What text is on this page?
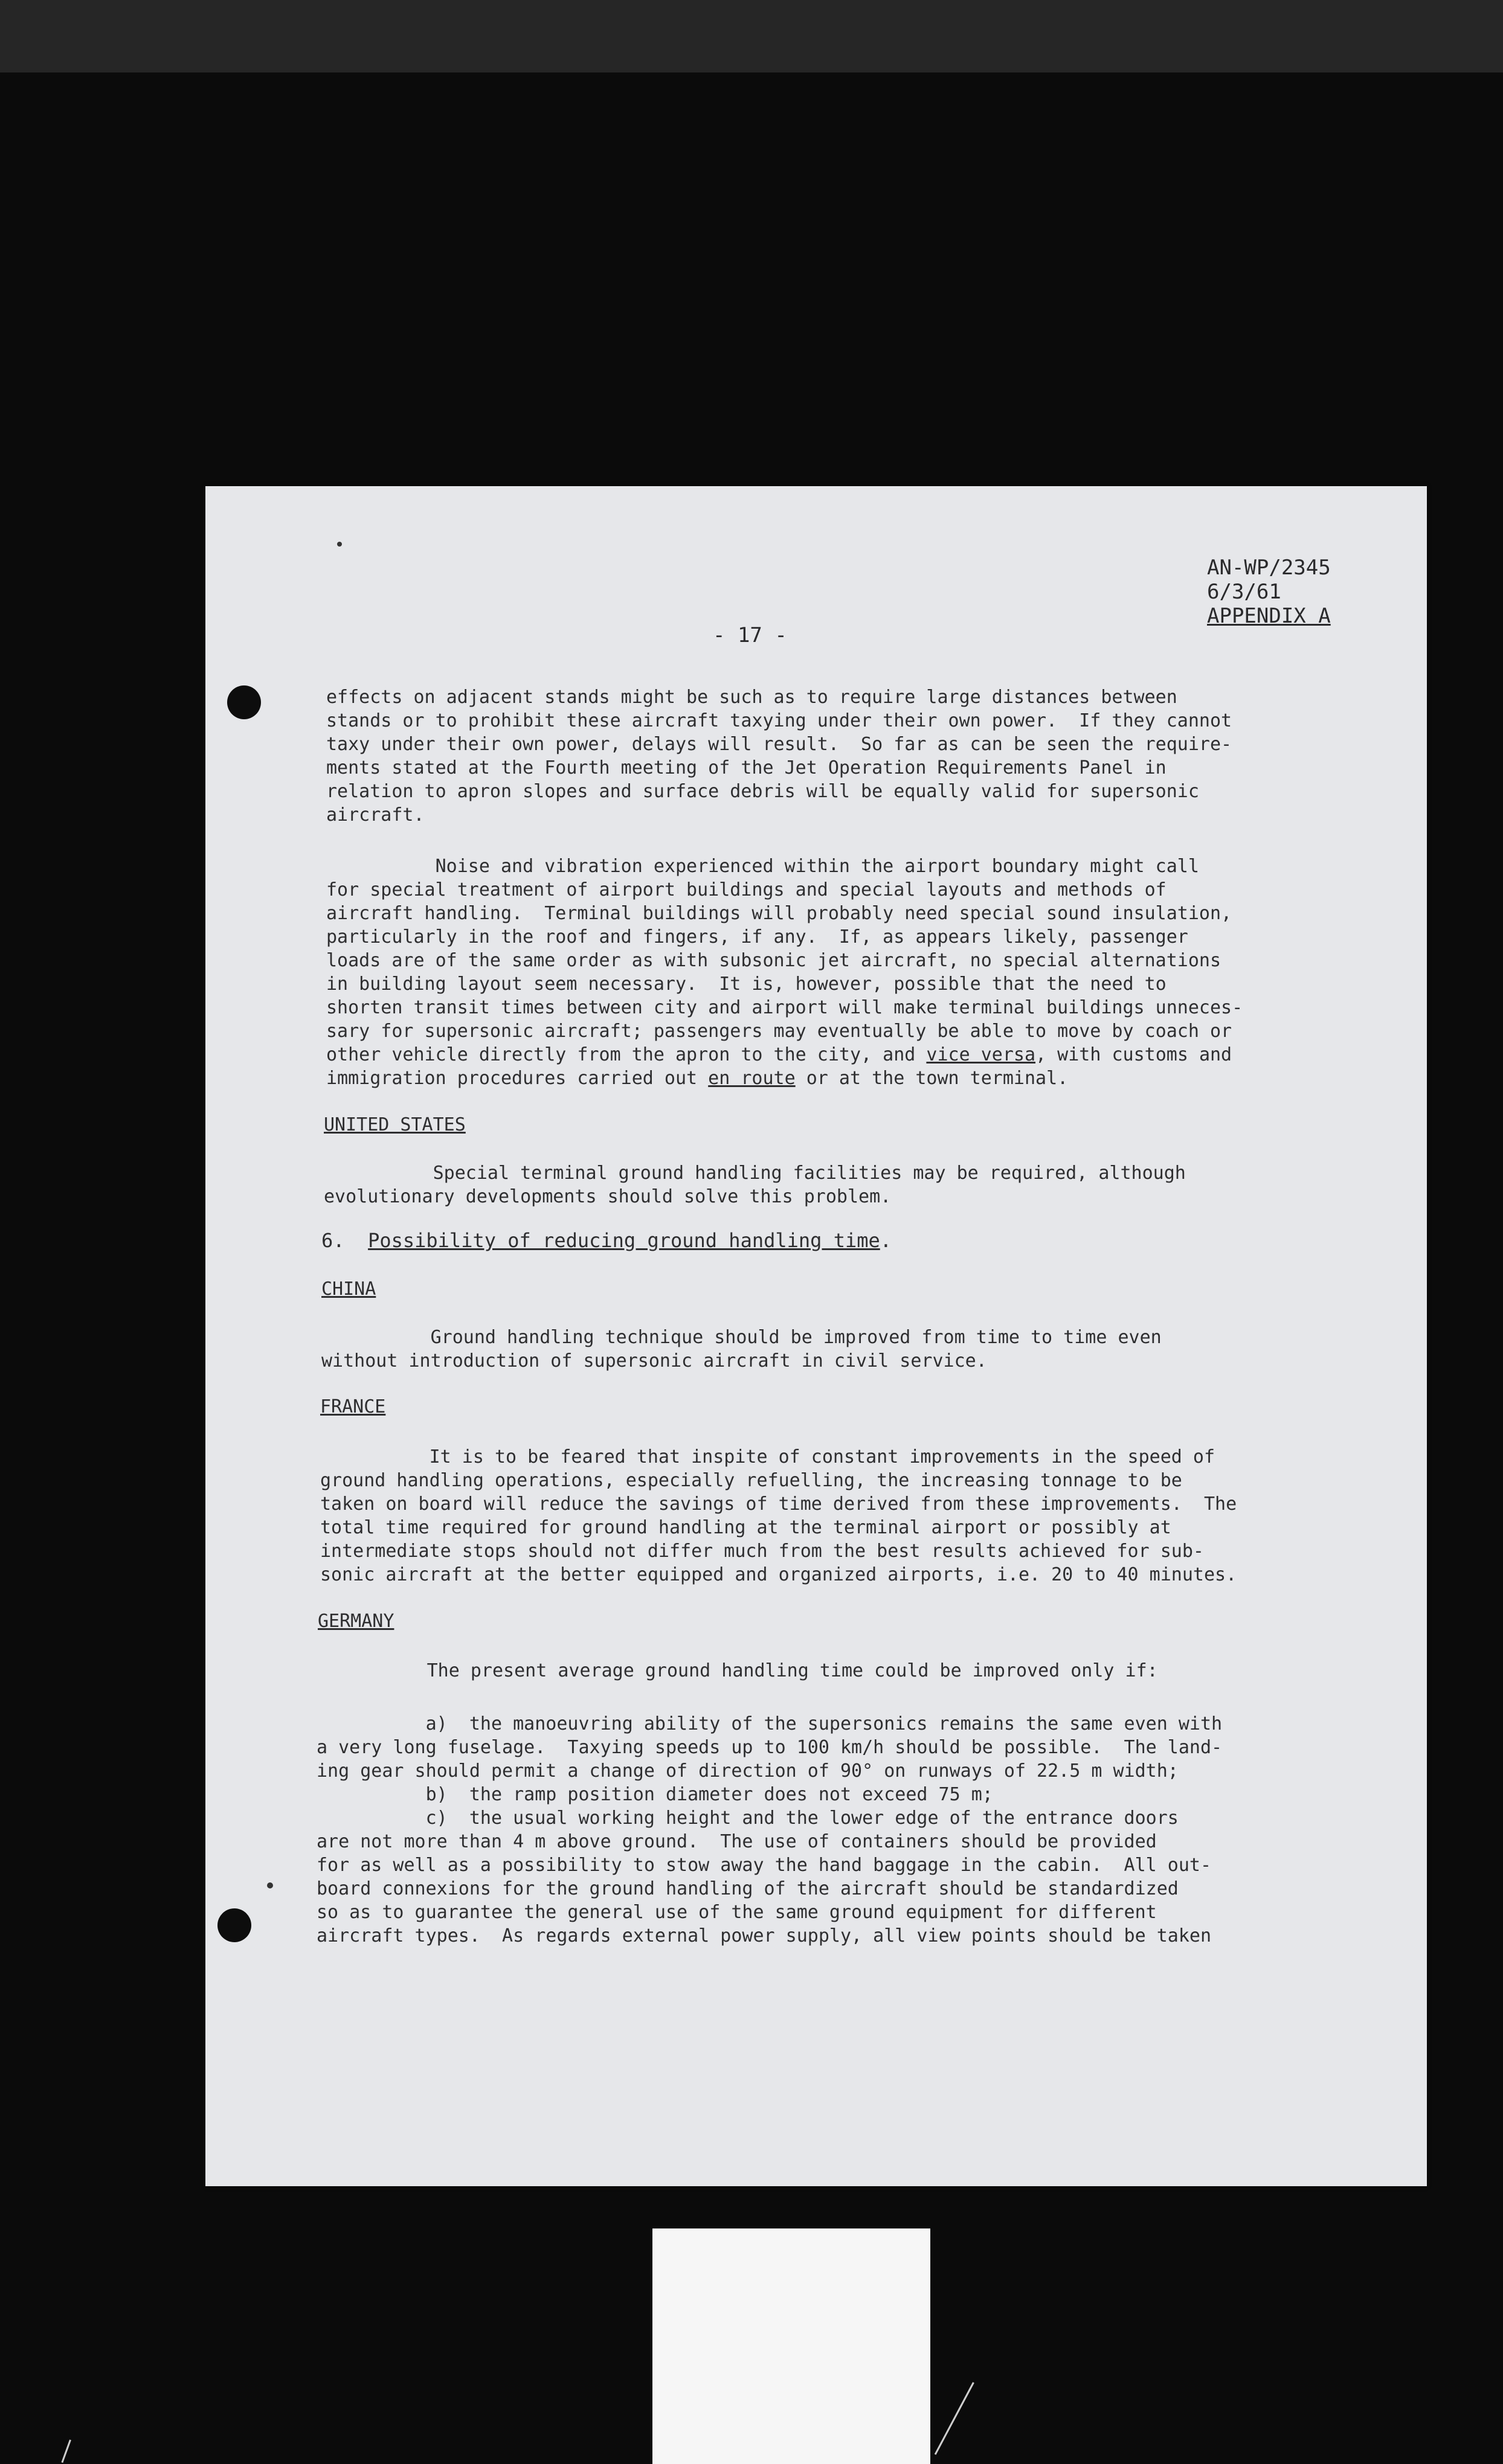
AN-WP/2345
6/3/61
APPENDIX A
- 17 -
effects on adjacent stands might be such as to require large distances between
stands or to prohibit these aircraft taxying under their own power.  If they cannot
taxy under their own power, delays will result.  So far as can be seen the require-
ments stated at the Fourth meeting of the Jet Operation Requirements Panel in
relation to apron slopes and surface debris will be equally valid for supersonic
aircraft.
Noise and vibration experienced within the airport boundary might call
for special treatment of airport buildings and special layouts and methods of
aircraft handling.  Terminal buildings will probably need special sound insulation,
particularly in the roof and fingers, if any.  If, as appears likely, passenger
loads are of the same order as with subsonic jet aircraft, no special alternations
in building layout seem necessary.  It is, however, possible that the need to
shorten transit times between city and airport will make terminal buildings unneces-
sary for supersonic aircraft; passengers may eventually be able to move by coach or
other vehicle directly from the apron to the city, and vice versa, with customs and
immigration procedures carried out en route or at the town terminal.
UNITED STATES
Special terminal ground handling facilities may be required, although
evolutionary developments should solve this problem.
6. Possibility of reducing ground handling time.
CHINA
Ground handling technique should be improved from time to time even
without introduction of supersonic aircraft in civil service.
FRANCE
It is to be feared that inspite of constant improvements in the speed of
ground handling operations, especially refuelling, the increasing tonnage to be
taken on board will reduce the savings of time derived from these improvements.  The
total time required for ground handling at the terminal airport or possibly at
intermediate stops should not differ much from the best results achieved for sub-
sonic aircraft at the better equipped and organized airports, i.e. 20 to 40 minutes.
GERMANY
The present average ground handling time could be improved only if:
a)  the manoeuvring ability of the supersonics remains the same even with
a very long fuselage.  Taxying speeds up to 100 km/h should be possible.  The land-
ing gear should permit a change of direction of 90° on runways of 22.5 m width;
b)  the ramp position diameter does not exceed 75 m;
c)  the usual working height and the lower edge of the entrance doors
are not more than 4 m above ground.  The use of containers should be provided
for as well as a possibility to stow away the hand baggage in the cabin.  All out-
board connexions for the ground handling of the aircraft should be standardized
so as to guarantee the general use of the same ground equipment for different
aircraft types.  As regards external power supply, all view points should be taken
